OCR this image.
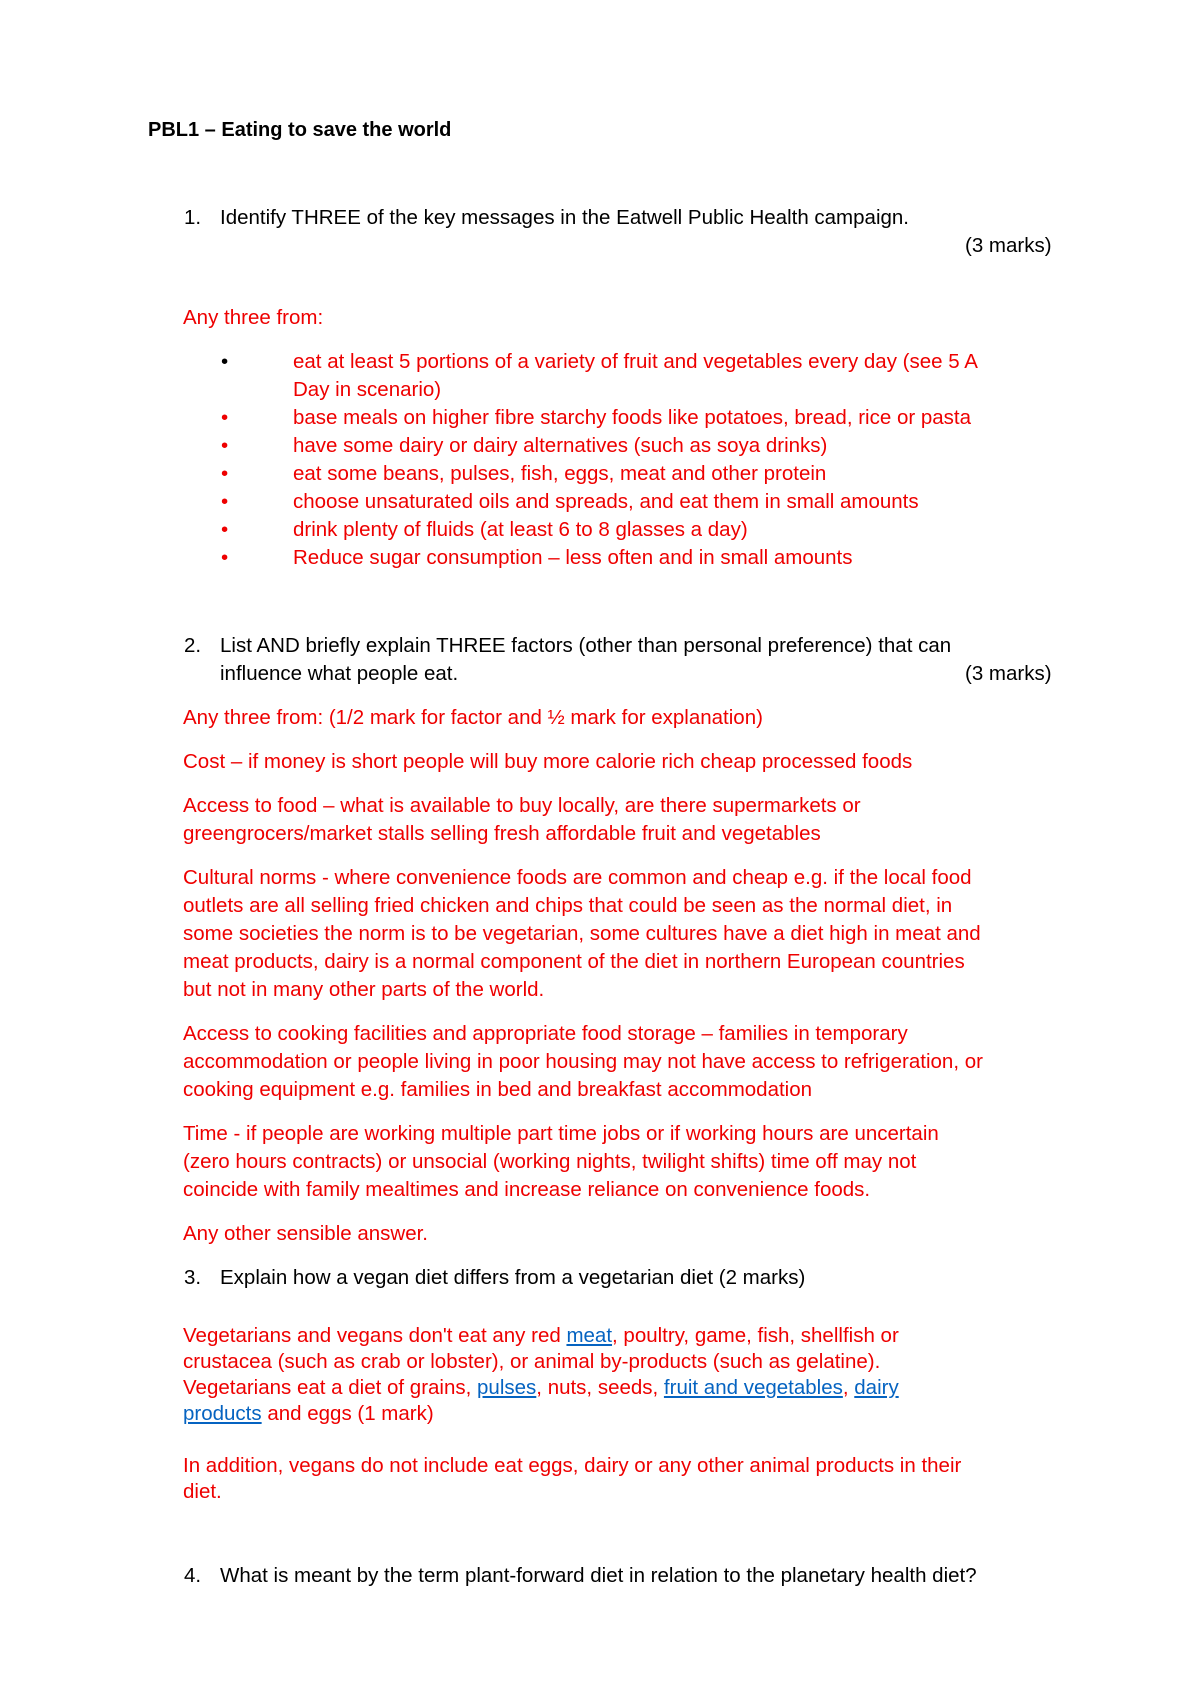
PBL1 – Eating to save the world
1. Identify THREE of the key messages in the Eatwell Public Health campaign.
(3 marks)
Any three from:
•	eat at least 5 portions of a variety of fruit and vegetables every day (see 5 A
Day in scenario)
•	base meals on higher fibre starchy foods like potatoes, bread, rice or pasta
•	have some dairy or dairy alternatives (such as soya drinks)
•	eat some beans, pulses, fish, eggs, meat and other protein
•	choose unsaturated oils and spreads, and eat them in small amounts
•	drink plenty of fluids (at least 6 to 8 glasses a day)
•	Reduce sugar consumption – less often and in small amounts
2. List AND briefly explain THREE factors (other than personal preference) that can
influence what people eat.	(3 marks)
Any three from: (1/2 mark for factor and ½ mark for explanation)
Cost – if money is short people will buy more calorie rich cheap processed foods
Access to food – what is available to buy locally, are there supermarkets or
greengrocers/market stalls selling fresh affordable fruit and vegetables
Cultural norms - where convenience foods are common and cheap e.g. if the local food
outlets are all selling fried chicken and chips that could be seen as the normal diet, in
some societies the norm is to be vegetarian, some cultures have a diet high in meat and
meat products, dairy is a normal component of the diet in northern European countries
but not in many other parts of the world.
Access to cooking facilities and appropriate food storage – families in temporary
accommodation or people living in poor housing may not have access to refrigeration, or
cooking equipment e.g. families in bed and breakfast accommodation
Time - if people are working multiple part time jobs or if working hours are uncertain
(zero hours contracts) or unsocial (working nights, twilight shifts) time off may not
coincide with family mealtimes and increase reliance on convenience foods.
Any other sensible answer.
3. Explain how a vegan diet differs from a vegetarian diet (2 marks)
Vegetarians and vegans don't eat any red meat, poultry, game, fish, shellfish or
crustacea (such as crab or lobster), or animal by-products (such as gelatine).
Vegetarians eat a diet of grains, pulses, nuts, seeds, fruit and vegetables, dairy
products and eggs (1 mark)
In addition, vegans do not include eat eggs, dairy or any other animal products in their
diet.
4. What is meant by the term plant-forward diet in relation to the planetary health diet?
